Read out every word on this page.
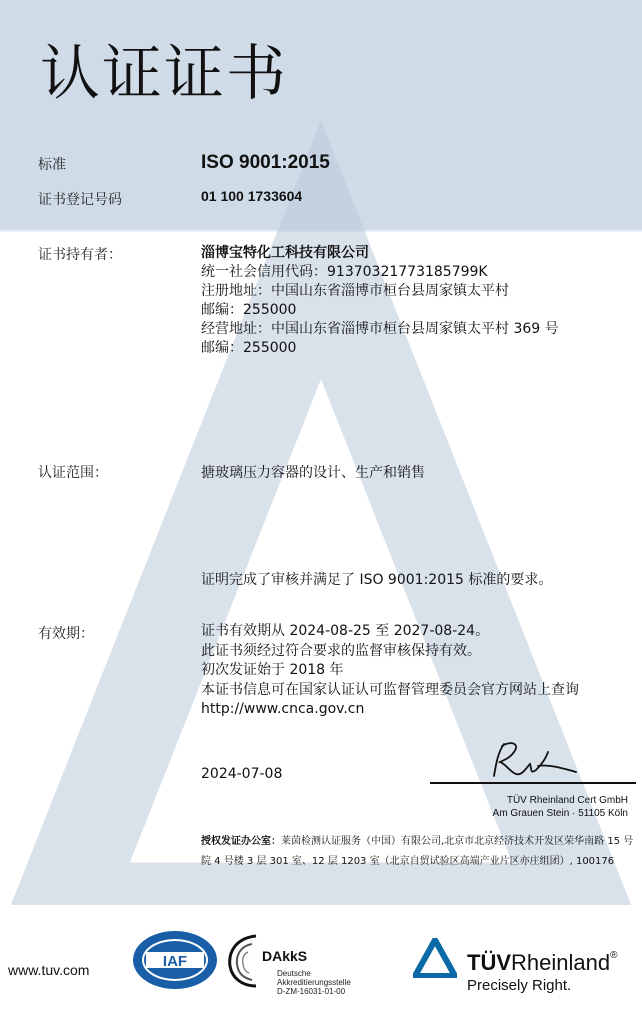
认证证书
标准	ISO 9001:2015
证书登记号码	01 100 1733604
证书持有者：	淄博宝特化工科技有限公司
统一社会信用代码：91370321773185799K
注册地址：中国山东省淄博市桓台县周家镇太平村
邮编：255000
经营地址：中国山东省淄博市桓台县周家镇太平村 369 号
邮编：255000
认证范围：	搪玻璃压力容器的设计、生产和销售
证明完成了审核并满足了 ISO 9001:2015 标准的要求。
有效期：	证书有效期从 2024-08-25 至 2027-08-24。
此证书须经过符合要求的监督审核保持有效。
初次发证始于 2018 年
本证书信息可在国家认证认可监督管理委员会官方网站上查询
http://www.cnca.gov.cn
2024-07-08
TÜV Rheinland Cert GmbH
Am Grauen Stein · 51105 Köln
授权发证办公室：莱茵检测认证服务（中国）有限公司,北京市北京经济技术开发区荣华南路 15 号院 4 号楼 3 层 301 室、12 层 1203 室（北京自贸试验区高端产业片区亦庄组团）, 100176
www.tuv.com	IAF	DAkkS
Deutsche
Akkreditierungsstelle
D-ZM-16031-01-00
TÜVRheinland®
Precisely Right.
